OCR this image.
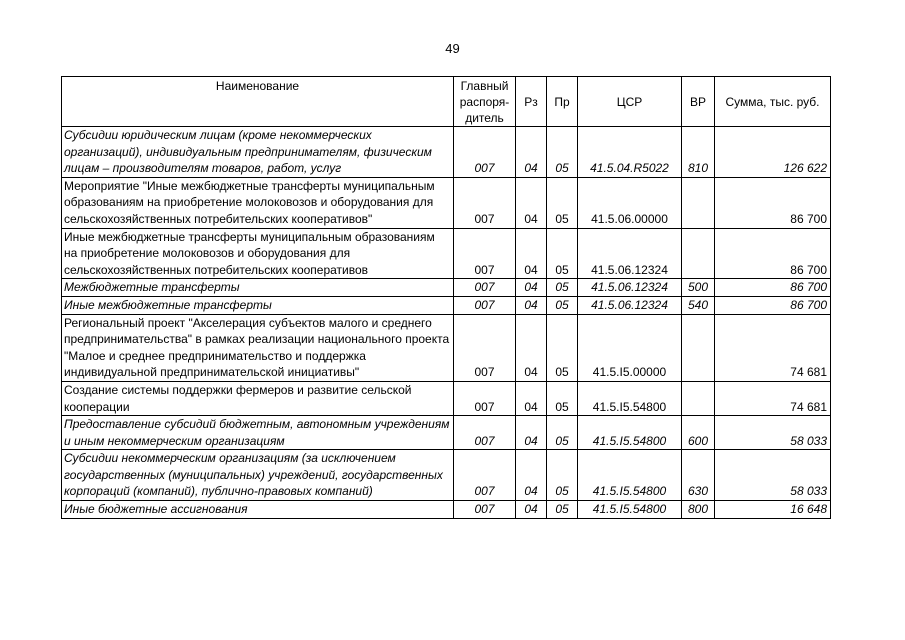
49
Наименование	Главный распоря-дитель	Рз	Пр	ЦСР	ВР	Сумма, тыс. руб.
Субсидии юридическим лицам (кроме некоммерческих организаций), индивидуальным предпринимателям, физическим лицам – производителям товаров, работ, услуг	007	04	05	41.5.04.R5022	810	126 622
Мероприятие "Иные межбюджетные трансферты муниципальным образованиям на приобретение молоковозов и оборудования для сельскохозяйственных потребительских кооперативов"	007	04	05	41.5.06.00000		86 700
Иные межбюджетные трансферты муниципальным образованиям на приобретение молоковозов и оборудования для сельскохозяйственных потребительских кооперативов	007	04	05	41.5.06.12324		86 700
Межбюджетные трансферты	007	04	05	41.5.06.12324	500	86 700
Иные межбюджетные трансферты	007	04	05	41.5.06.12324	540	86 700
Региональный проект "Акселерация субъектов малого и среднего предпринимательства" в рамках реализации национального проекта "Малое и среднее предпринимательство и поддержка индивидуальной предпринимательской инициативы"	007	04	05	41.5.I5.00000		74 681
Создание системы поддержки фермеров и развитие сельской кооперации	007	04	05	41.5.I5.54800		74 681
Предоставление субсидий бюджетным, автономным учреждениям и иным некоммерческим организациям	007	04	05	41.5.I5.54800	600	58 033
Субсидии некоммерческим организациям (за исключением государственных (муниципальных) учреждений, государственных корпораций (компаний), публично-правовых компаний)	007	04	05	41.5.I5.54800	630	58 033
Иные бюджетные ассигнования	007	04	05	41.5.I5.54800	800	16 648
